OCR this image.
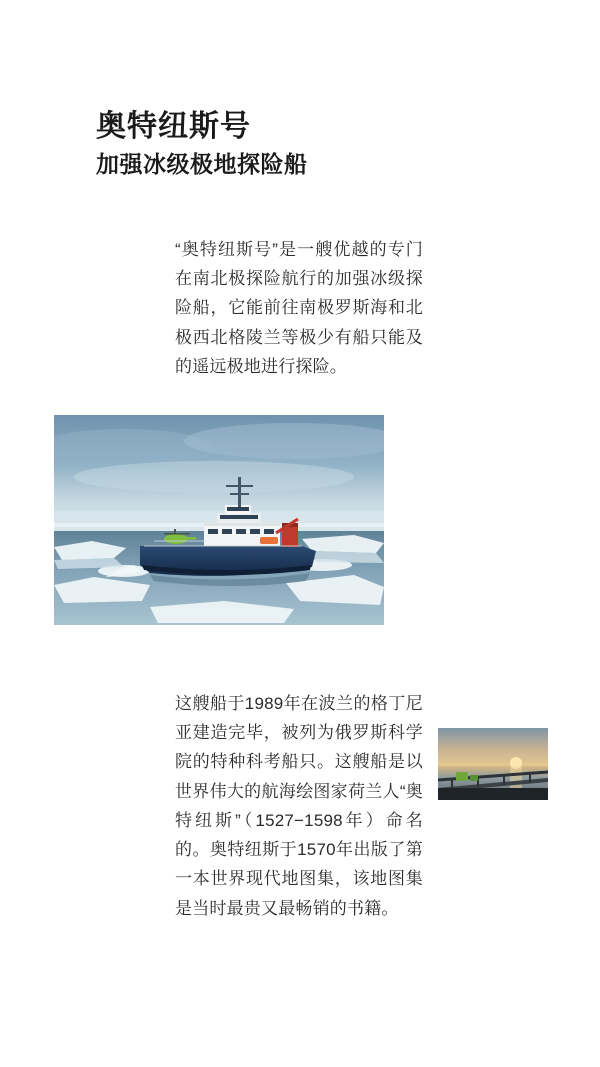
奥特纽斯号
加强冰级极地探险船

“奥特纽斯号”是一艘优越的专门在南北极探险航行的加强冰级探险船，它能前往南极罗斯海和北极西北格陵兰等极少有船只能及的遥远极地进行探险。

这艘船于1989年在波兰的格丁尼亚建造完毕，被列为俄罗斯科学院的特种科考船只。这艘船是以世界伟大的航海绘图家荷兰人“奥特纽斯”（1527−1598年）命名的。奥特纽斯于1570年出版了第一本世界现代地图集，该地图集是当时最贵又最畅销的书籍。
